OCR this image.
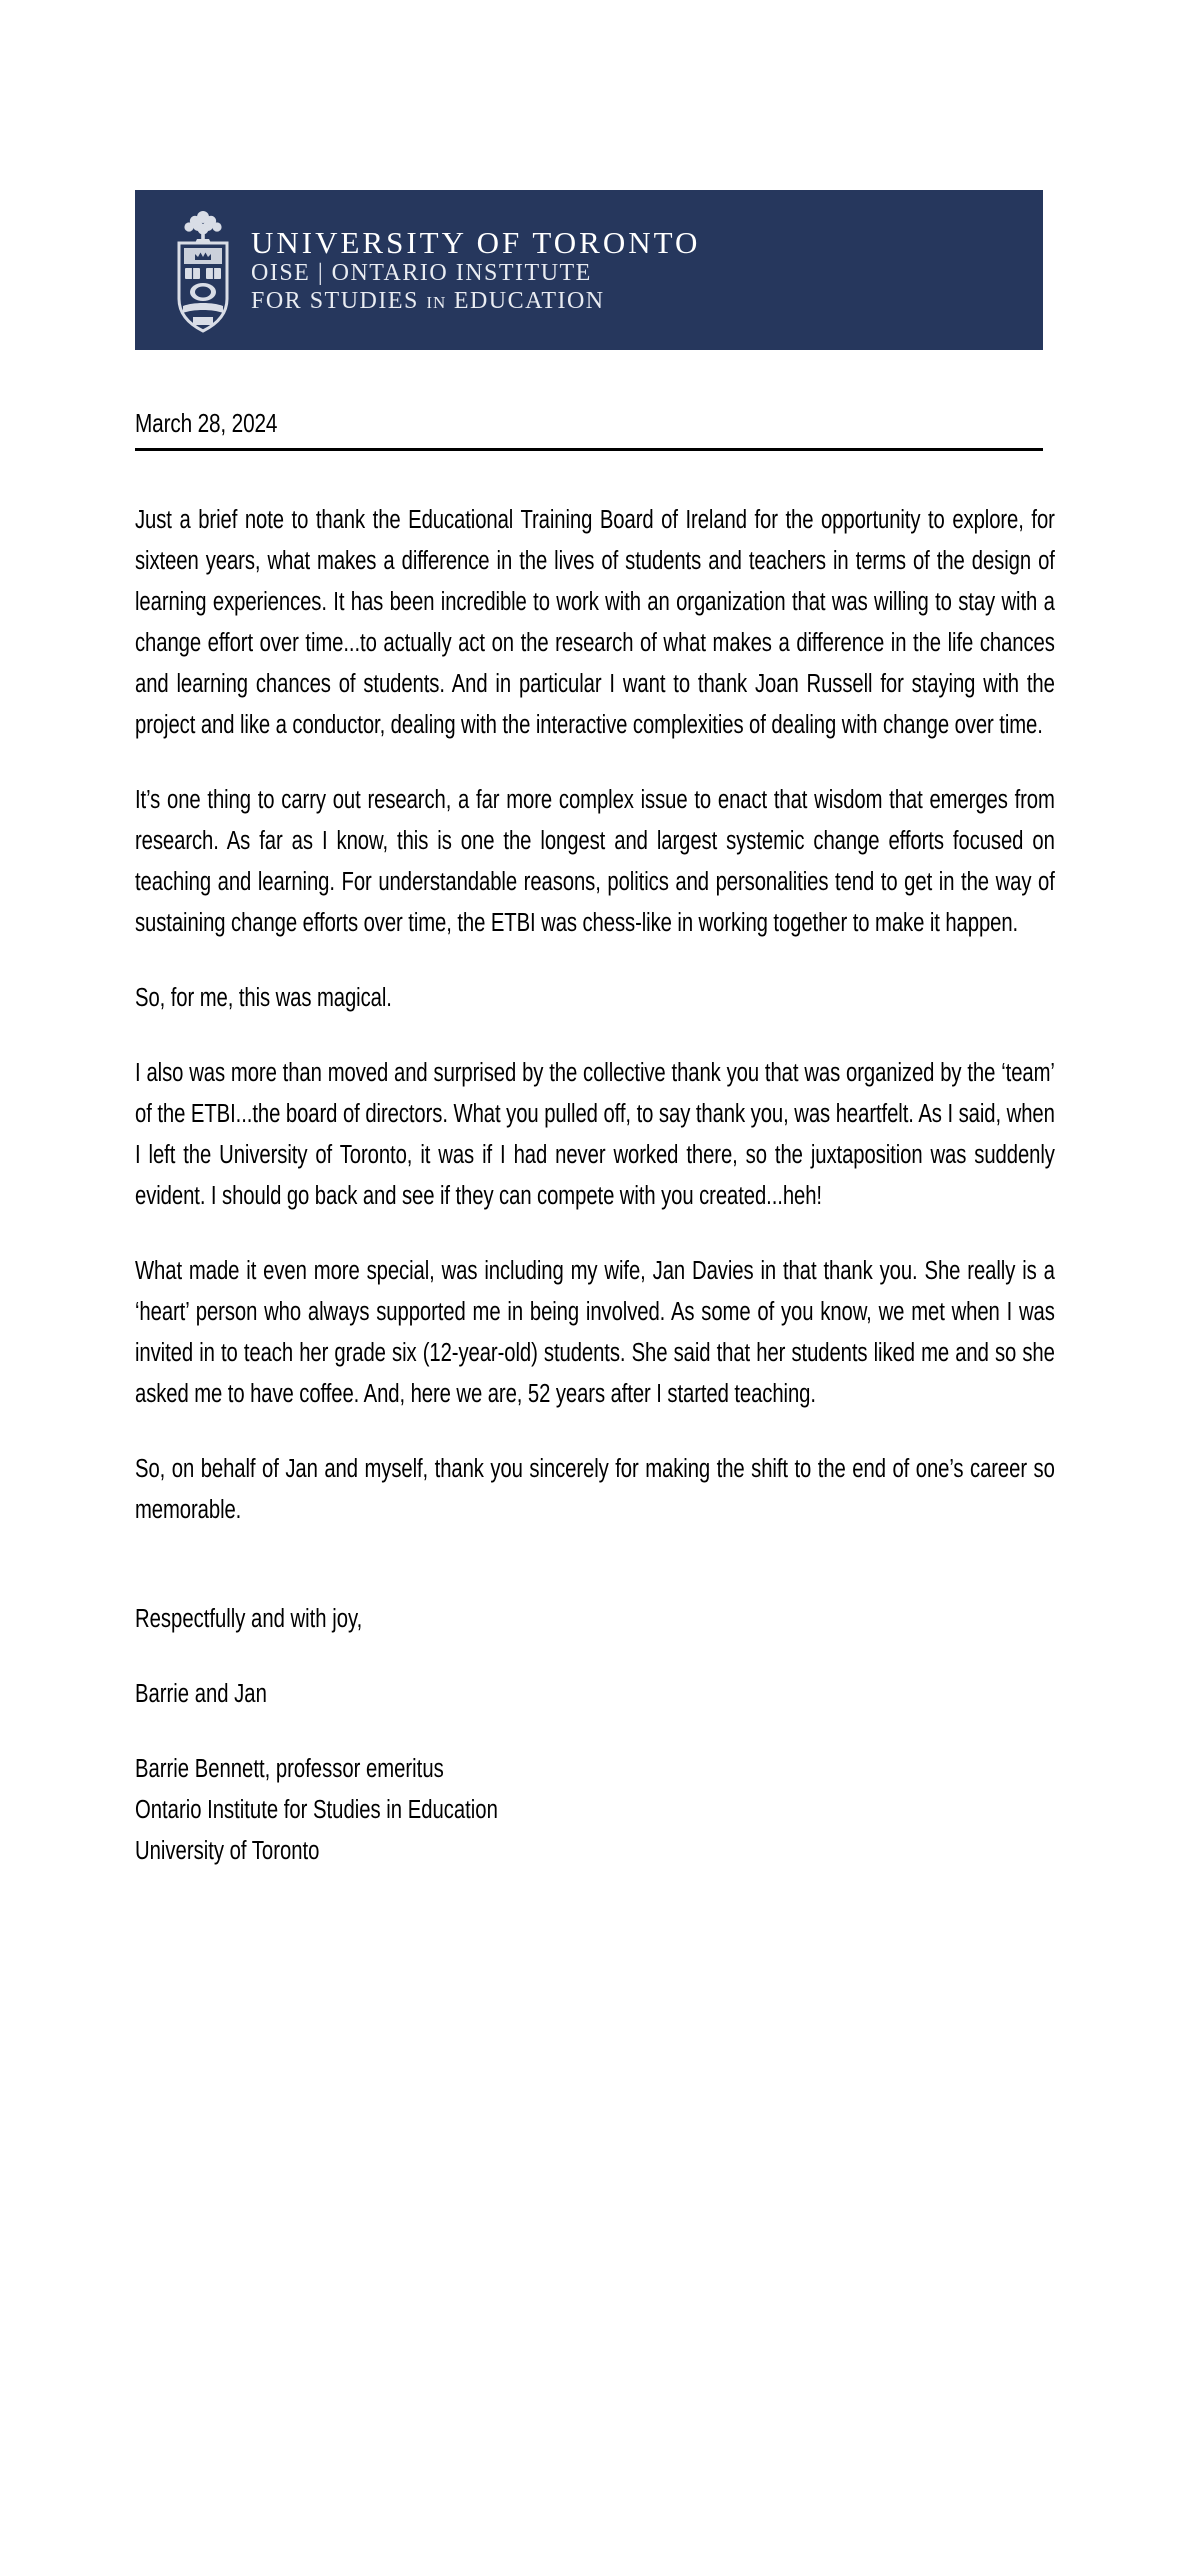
UNIVERSITY OF TORONTO
OISE | ONTARIO INSTITUTE
FOR STUDIES IN EDUCATION
March 28, 2024

Just a brief note to thank the Educational Training Board of Ireland for the opportunity to explore, for sixteen years, what makes a difference in the lives of students and teachers in terms of the design of learning experiences. It has been incredible to work with an organization that was willing to stay with a change effort over time...to actually act on the research of what makes a difference in the life chances and learning chances of students. And in particular I want to thank Joan Russell for staying with the project and like a conductor, dealing with the interactive complexities of dealing with change over time.

It’s one thing to carry out research, a far more complex issue to enact that wisdom that emerges from research. As far as I know, this is one the longest and largest systemic change efforts focused on teaching and learning. For understandable reasons, politics and personalities tend to get in the way of sustaining change efforts over time, the ETBI was chess-like in working together to make it happen.

So, for me, this was magical.

I also was more than moved and surprised by the collective thank you that was organized by the ‘team’ of the ETBI...the board of directors. What you pulled off, to say thank you, was heartfelt. As I said, when I left the University of Toronto, it was if I had never worked there, so the juxtaposition was suddenly evident. I should go back and see if they can compete with you created...heh!

What made it even more special, was including my wife, Jan Davies in that thank you. She really is a ‘heart’ person who always supported me in being involved. As some of you know, we met when I was invited in to teach her grade six (12-year-old) students. She said that her students liked me and so she asked me to have coffee. And, here we are, 52 years after I started teaching.

So, on behalf of Jan and myself, thank you sincerely for making the shift to the end of one’s career so memorable.

Respectfully and with joy,
Barrie and Jan
Barrie Bennett, professor emeritus
Ontario Institute for Studies in Education
University of Toronto
